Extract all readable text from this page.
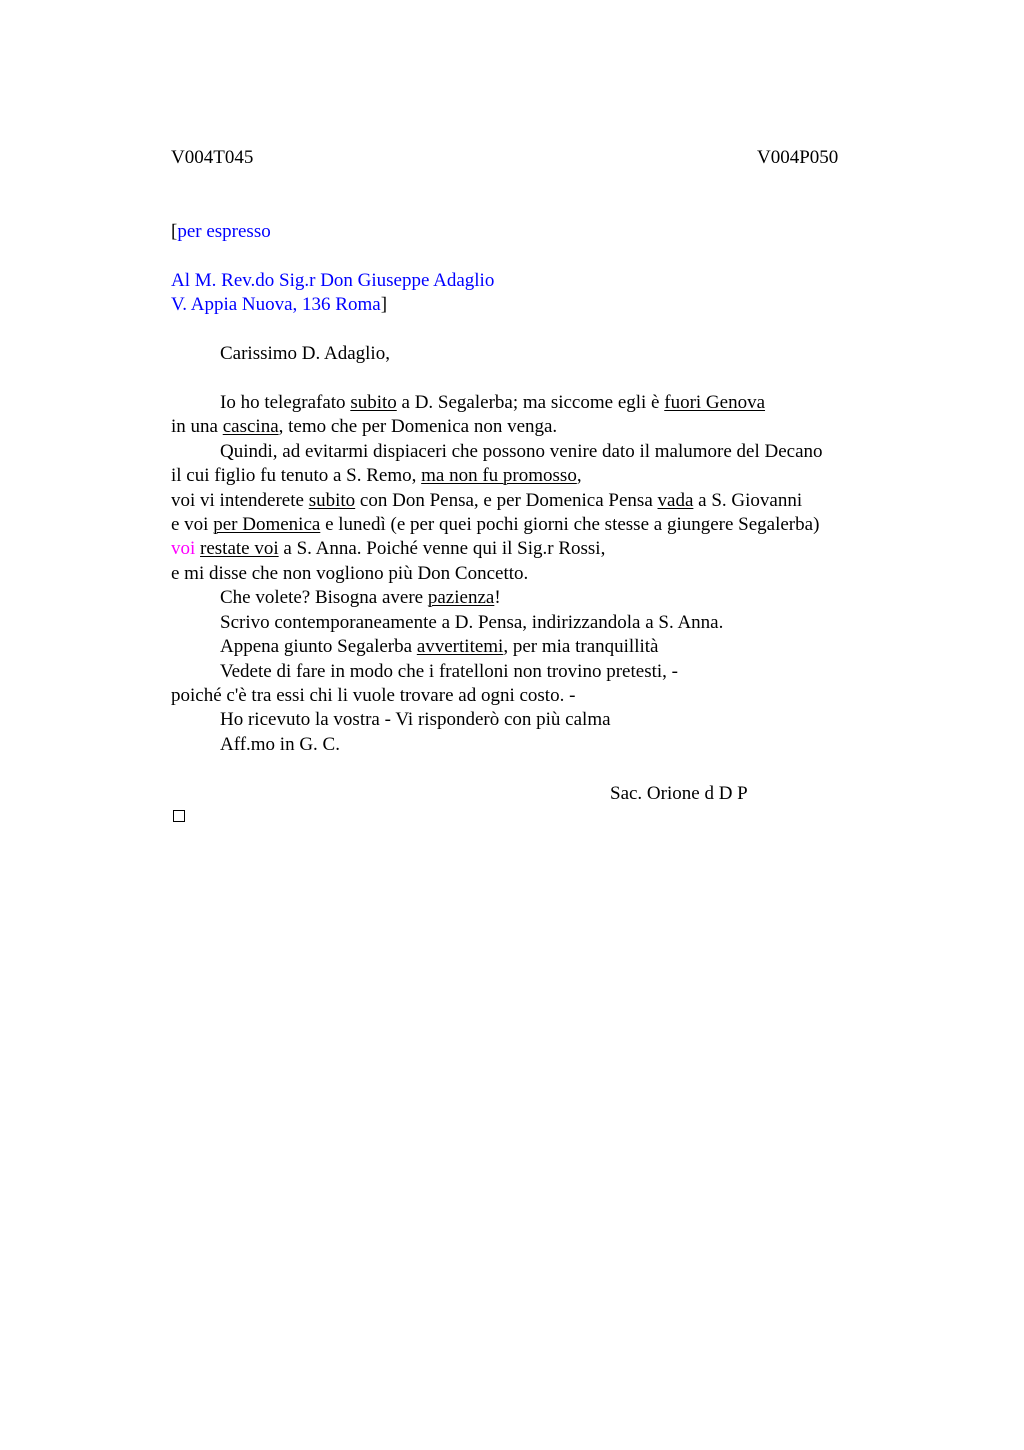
V004T045	V004P050
[per espresso
Al M. Rev.do Sig.r Don Giuseppe Adaglio
V. Appia Nuova, 136 Roma]
Carissimo D. Adaglio,
Io ho telegrafato subito a D. Segalerba; ma siccome egli è fuori Genova
in una cascina, temo che per Domenica non venga.
Quindi, ad evitarmi dispiaceri che possono venire dato il malumore del Decano
il cui figlio fu tenuto a S. Remo, ma non fu promosso,
voi vi intenderete subito con Don Pensa, e per Domenica Pensa vada a S. Giovanni
e voi per Domenica e lunedì (e per quei pochi giorni che stesse a giungere Segalerba)
voi restate voi a S. Anna. Poiché venne qui il Sig.r Rossi,
e mi disse che non vogliono più Don Concetto.
Che volete? Bisogna avere pazienza!
Scrivo contemporaneamente a D. Pensa, indirizzandola a S. Anna.
Appena giunto Segalerba avvertitemi, per mia tranquillità
Vedete di fare in modo che i fratelloni non trovino pretesti, -
poiché c'è tra essi chi li vuole trovare ad ogni costo. -
Ho ricevuto la vostra - Vi risponderò con più calma
Aff.mo in G. C.
Sac. Orione d D P
